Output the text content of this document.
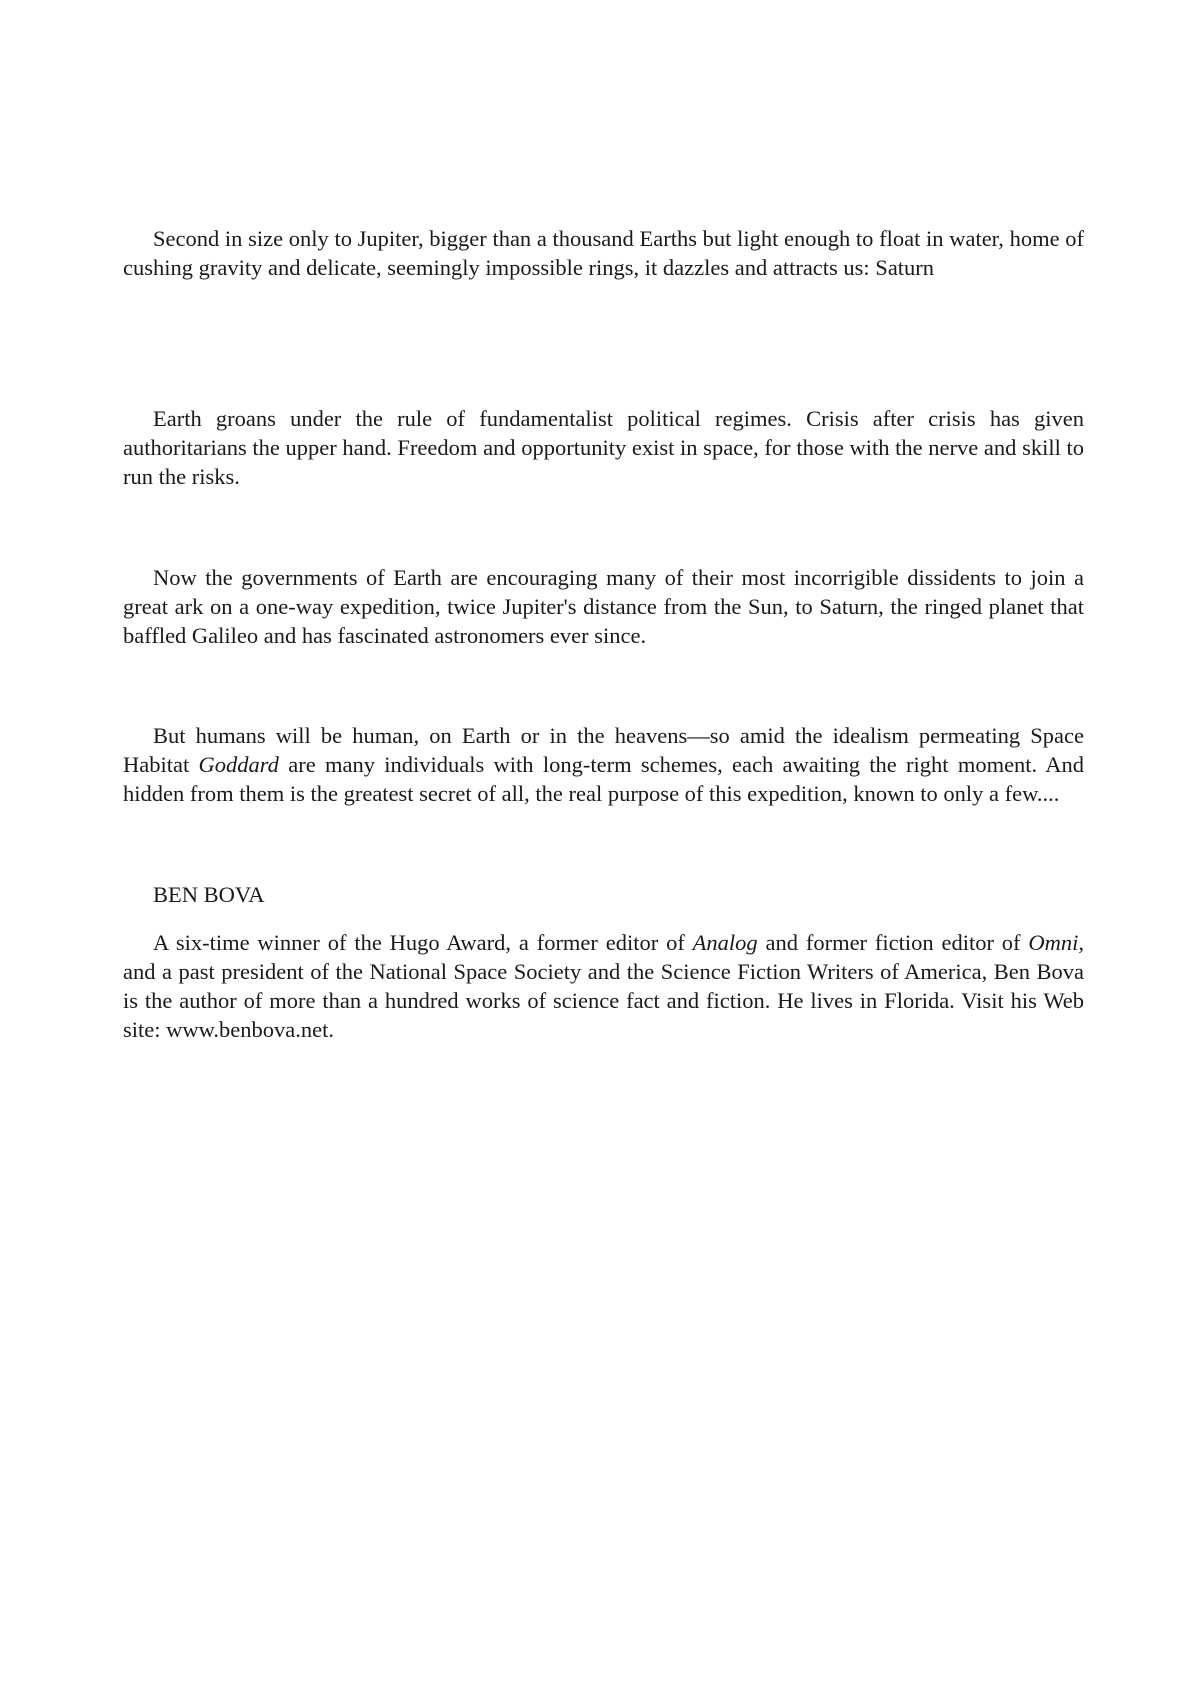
Second in size only to Jupiter, bigger than a thousand Earths but light enough to float in water, home of cushing gravity and delicate, seemingly impossible rings, it dazzles and attracts us: Saturn

Earth groans under the rule of fundamentalist political regimes. Crisis after crisis has given authoritarians the upper hand. Freedom and opportunity exist in space, for those with the nerve and skill to run the risks.

Now the governments of Earth are encouraging many of their most incorrigible dissidents to join a great ark on a one-way expedition, twice Jupiter's distance from the Sun, to Saturn, the ringed planet that baffled Galileo and has fascinated astronomers ever since.

But humans will be human, on Earth or in the heavens—so amid the idealism permeating Space Habitat Goddard are many individuals with long-term schemes, each awaiting the right moment. And hidden from them is the greatest secret of all, the real purpose of this expedition, known to only a few....

BEN BOVA

A six-time winner of the Hugo Award, a former editor of Analog and former fiction editor of Omni, and a past president of the National Space Society and the Science Fiction Writers of America, Ben Bova is the author of more than a hundred works of science fact and fiction. He lives in Florida. Visit his Web site: www.benbova.net.
